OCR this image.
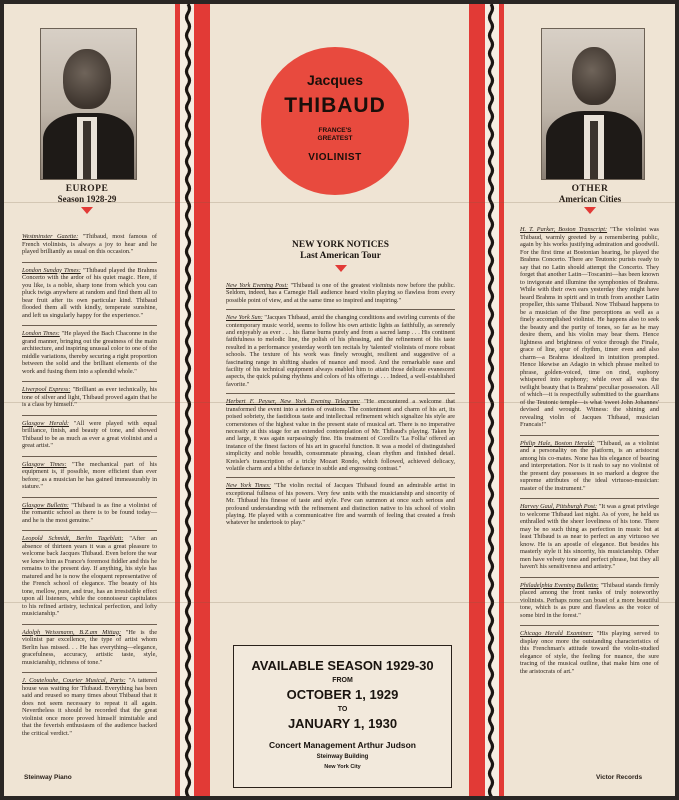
EUROPE
Season 1928-29
Westminster Gazette: "Thibaud, most famous of French violinists, is always a joy to hear and he played brilliantly as usual on this occasion."
London Sunday Times: "Thibaud played the Brahms Concerto with the ardor of his quiet magic. Here, if you like, is a noble, sharp tone from which you can pluck twigs anywhere at random and find them all to bear fruit after its own particular kind. Thibaud flooded them all with kindly, temperate sunshine, and left us singularly happy for the experience."
London Times: "He played the Bach Chaconne in the grand manner, bringing out the greatness of the main architecture, and inspiring unusual color to one of the middle variations, thereby securing a right proportion between the solid and the brilliant elements of the work and fusing them into a splendid whole."
Liverpool Express: "Brilliant as ever technically, his tone of silver and light, Thibaud proved again that he is a class by himself."
Glasgow Herald: "All were played with equal brilliance, finish, and beauty of tone, and showed Thibaud to be as much as ever a great violinist and a great artist."
Glasgow Times: "The mechanical part of his equipment is, if possible, more efficient than ever before; as a musician he has gained immeasurably in stature."
Glasgow Bulletin: "Thibaud is as fine a violinist of the romantic school as there is to be found today—and he is the most genuine."
Leopold Schmidt, Berlin Tageblatt: "After an absence of thirteen years it was a great pleasure to welcome back Jacques Thibaud. Even before the war we knew him as France's foremost fiddler and this he remains to the present day. If anything, his style has matured and he is now the eloquent representative of the French school of elegance. The beauty of his tone, mellow, pure, and true, has an irresistible effect upon all listeners, while the connoisseur capitulates to his refined artistry, technical perfection, and lofty musicianship."
Adolph Weissmann, B.Z.am Mittag: "He is the violinist par excellence, the type of artist whom Berlin has missed. . . He has everything—elegance, gracefulness, accuracy, artistic taste, style, musicianship, richness of tone."
J. Coutelouhe, Courier Musical, Paris: "A tattered house was waiting for Thibaud. Everything has been said and reused so many times about Thibaud that it does not seem necessary to repeat it all again. Nevertheless it should be recorded that the great violinist once more proved himself inimitable and that the feverish enthusiasm of the audience backed the critical verdict."
Steinway Piano
Jacques
THIBAUD
FRANCE'S
GREATEST
VIOLINIST
NEW YORK NOTICES
Last American Tour
New York Evening Post: "Thibaud is one of the greatest violinists now before the public. Seldom, indeed, has a Carnegie Hall audience heard violin playing so flawless from every possible point of view, and at the same time so inspired and inspiring."
New York Sun: "Jacques Thibaud, amid the changing conditions and swirling currents of the contemporary music world, seems to follow his own artistic lights as faithfully, as serenely and enjoyably as ever . . . his flame burns purely and from a sacred lamp . . . His continent faithfulness to melodic line, the polish of his phrasing, and the refinement of his taste resulted in a performance yesterday worth ten recitals by 'talented' violinists of more robust schools. The texture of his work was finely wrought, resilient and suggestive of a fascinating range in shifting shades of nuance and mood. And the remarkable ease and facility of his technical equipment always enabled him to attain those delicate evanescent aspects, the quick pulsing rhythms and colors of his offerings . . . Indeed, a well-established favorite."
Herbert F. Peyser, New York Evening Telegram: "He encountered a welcome that transformed the event into a series of ovations. The contentment and charm of his art, its poised sobriety, the fastidious taste and intellectual refinement which signalize his style are cornerstones of the highest value in the present state of musical art. There is no imperative necessity at this stage for an extended contemplation of Mr. Thibaud's playing. Taken by and large, it was again surpassingly fine. His treatment of Corelli's 'La Follia' offered an instance of the finest factors of his art in graceful function. It was a model of distinguished simplicity and noble breadth, consummate phrasing, clean rhythm and finished detail. Kreisler's transcription of a tricky Mozart Rondo, which followed, achieved delicacy, volatile charm and a blithe defiance in subtle and engrossing contrast."
New York Times: "The violin recital of Jacques Thibaud found an admirable artist in exceptional fullness of his powers. Very few units with the musicianship and sincerity of Mr. Thibaud his finesse of taste and style. Few can summon at once such serious and profound understanding with the refinement and distinction native to his school of violin playing. He played with a communicative fire and warmth of feeling that created a fresh whatever he undertook to play."
AVAILABLE SEASON 1929-30
FROM
OCTOBER 1, 1929
TO
JANUARY 1, 1930
Concert Management Arthur Judson
Steinway Building
New York City
OTHER
American Cities
H. T. Parker, Boston Transcript: "The violinist was Thibaud, warmly greeted by a remembering public, again by his works justifying admiration and goodwill. For the first time at Bostonian hearing, he played the Brahms Concerto. There are Teutonic purists ready to say that no Latin should attempt the Concerto. They forget that another Latin—Toscanini—has been known to invigorate and illumine the symphonies of Brahms. While with their own ears yesterday they might have heard Brahms in spirit and in truth from another Latin propeller, this same Thibaud. Now Thibaud happens to be a musician of the fine perceptions as well as a finely accomplished violinist. He happens also to seek the beauty and the purity of tones, so far as he may desire them, and his violin may bear them. Hence lightness and brightness of voice through the Finale, grace of line, spur of rhythm, timer even and also charm—a Brahms idealized in intuition prompted. Hence likewise an Adagio in which phrase melted to phrase, golden-voiced, time on rind, euphony whispered into euphony; while over all was the twilight beauty that is Brahms' peculiar possession. All of which—it is respectfully submitted to the guardians of the Teutonic temple—is what 'sweet John Johannes' devised and wrought. Witness: the shining and revealing violin of Jacques Thibaud, musician Francais!"
Philip Hale, Boston Herald: "Thibaud, as a violinist and a personality on the platform, is an aristocrat among his co-mates. None has his elegance of bearing and interpretation. Nor is it rash to say no violinist of the present day possesses in so marked a degree the supreme attributes of the ideal virtuoso-musician: master of the instrument."
Harvey Gaul, Pittsburgh Post: "It was a great privilege to welcome Thibaud last night. As of yore, he held us enthralled with the sheer loveliness of his tone. There may be no such thing as perfection in music but at least Thibaud is as near to perfect as any virtuoso we know. He is an apostle of elegance. But besides his masterly style it his sincerity, his musicianship. Other men have velvety tone and perfect phrase, but they all haven't his sensitiveness and artistry."
Philadelphia Evening Bulletin: "Thibaud stands firmly placed among the front ranks of truly noteworthy violinists. Perhaps none can boast of a more beautiful tone, which is as pure and flawless as the voice of some bird in the forest."
Chicago Herald Examiner: "His playing served to display once more the outstanding characteristics of this Frenchman's attitude toward the violin-studied elegance of style, the feeling for nuance, the sure tracing of the musical outline, that make him one of the aristocrats of art."
Victor Records
